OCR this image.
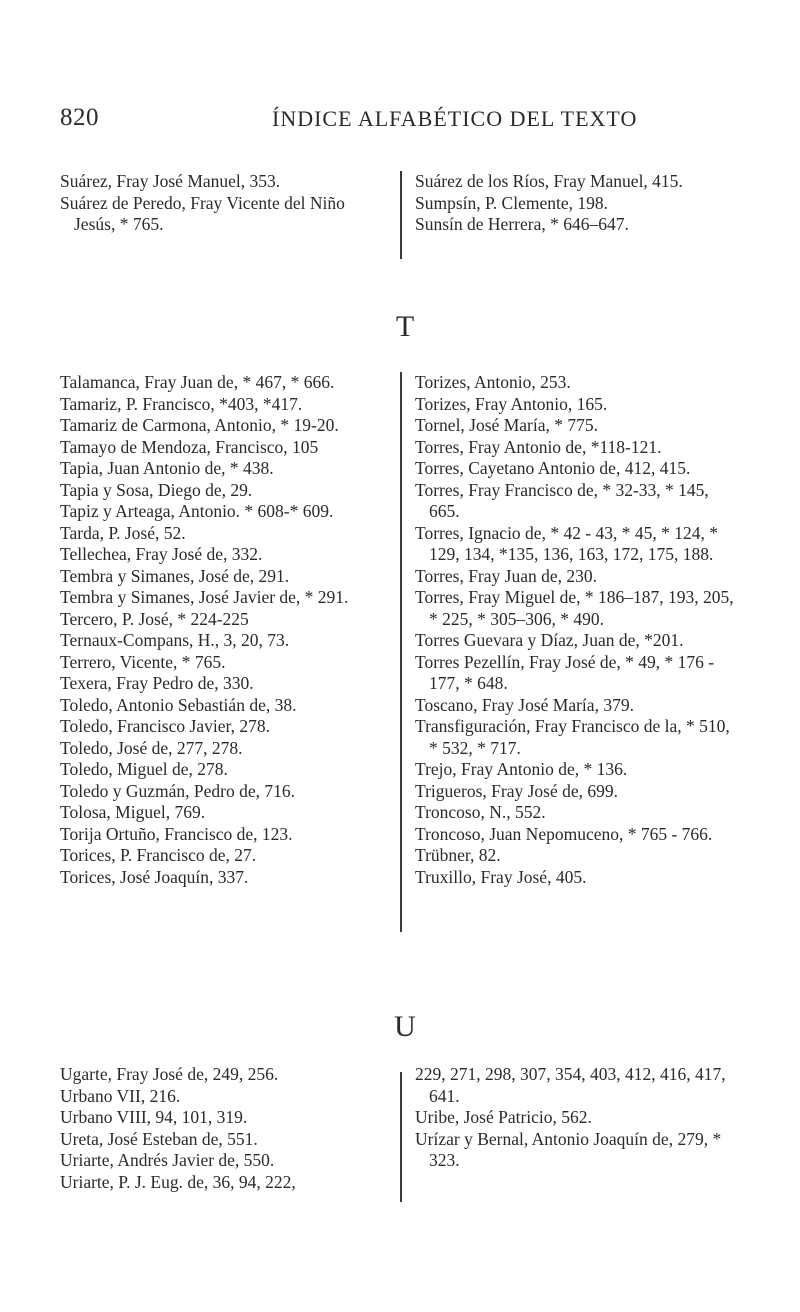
820	ÍNDICE ALFABÉTICO DEL TEXTO

Suárez, Fray José Manuel, 353.

Suárez de Peredo, Fray Vicente del Niño Jesús, * 765.

Suárez de los Ríos, Fray Manuel, 415.

Sumpsín, P. Clemente, 198.

Sunsín de Herrera, * 646–647.

T

Talamanca, Fray Juan de, * 467, * 666.

Tamariz, P. Francisco, *403, *417.

Tamariz de Carmona, Antonio, * 19-20.

Tamayo de Mendoza, Francisco, 105

Tapia, Juan Antonio de, * 438.

Tapia y Sosa, Diego de, 29.

Tapiz y Arteaga, Antonio. * 608-* 609.

Tarda, P. José, 52.

Tellechea, Fray José de, 332.

Tembra y Simanes, José de, 291.

Tembra y Simanes, José Javier de, * 291.

Tercero, P. José, * 224-225

Ternaux-Compans, H., 3, 20, 73.

Terrero, Vicente, * 765.

Texera, Fray Pedro de, 330.

Toledo, Antonio Sebastián de, 38.

Toledo, Francisco Javier, 278.

Toledo, José de, 277, 278.

Toledo, Miguel de, 278.

Toledo y Guzmán, Pedro de, 716.

Tolosa, Miguel, 769.

Torija Ortuño, Francisco de, 123.

Torices, P. Francisco de, 27.

Torices, José Joaquín, 337.

Torizes, Antonio, 253.

Torizes, Fray Antonio, 165.

Tornel, José María, * 775.

Torres, Fray Antonio de, *118-121.

Torres, Cayetano Antonio de, 412, 415.

Torres, Fray Francisco de, * 32-33, * 145, 665.

Torres, Ignacio de, * 42 - 43, * 45, * 124, * 129, 134, *135, 136, 163, 172, 175, 188.

Torres, Fray Juan de, 230.

Torres, Fray Miguel de, * 186–187, 193, 205, * 225, * 305–306, * 490.

Torres Guevara y Díaz, Juan de, *201.

Torres Pezellín, Fray José de, * 49, * 176 - 177, * 648.

Toscano, Fray José María, 379.

Transfiguración, Fray Francisco de la, * 510, * 532, * 717.

Trejo, Fray Antonio de, * 136.

Trigueros, Fray José de, 699.

Troncoso, N., 552.

Troncoso, Juan Nepomuceno, * 765 - 766.

Trübner, 82.

Truxillo, Fray José, 405.

U

Ugarte, Fray José de, 249, 256.

Urbano VII, 216.

Urbano VIII, 94, 101, 319.

Ureta, José Esteban de, 551.

Uriarte, Andrés Javier de, 550.

Uriarte, P. J. Eug. de, 36, 94, 222,

229, 271, 298, 307, 354, 403, 412, 416, 417, 641.

Uribe, José Patricio, 562.

Urízar y Bernal, Antonio Joaquín de, 279, * 323.
